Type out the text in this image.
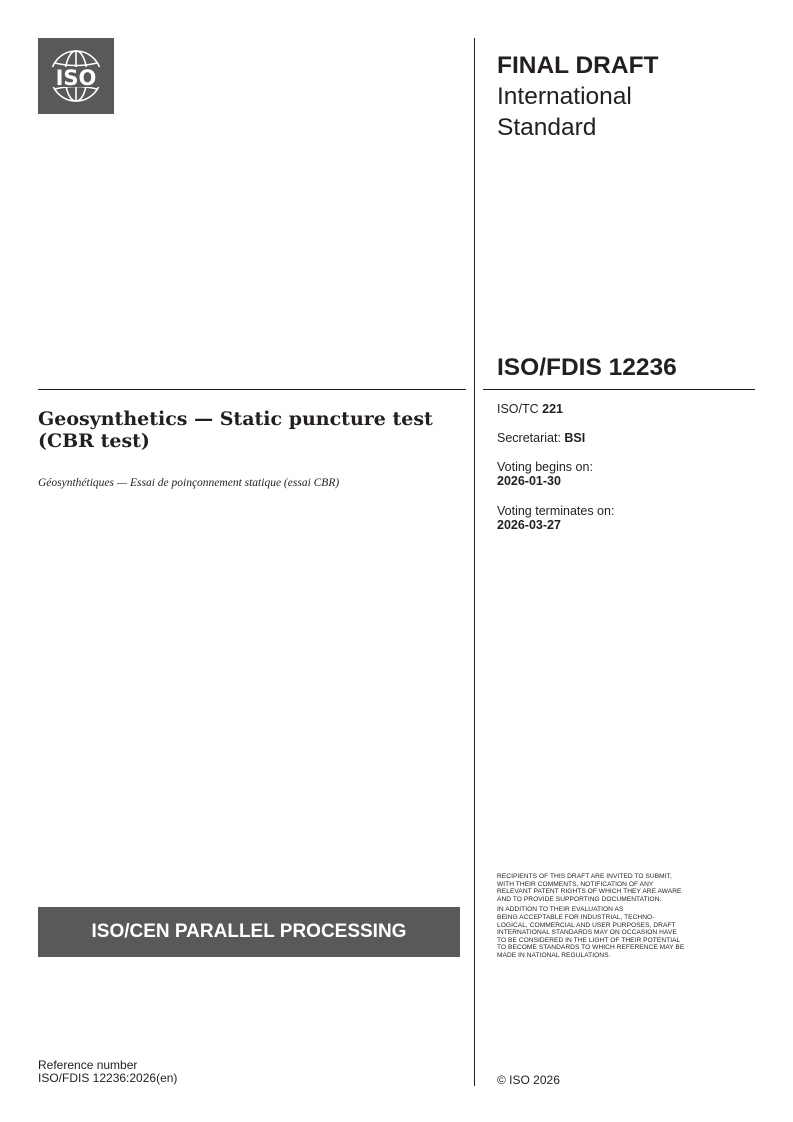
ISO	FINAL DRAFT
International
Standard
ISO/FDIS 12236
Geosynthetics — Static puncture test (CBR test)
Géosynthétiques — Essai de poinçonnement statique (essai CBR)
ISO/TC 221
Secretariat: BSI
Voting begins on:
2026-01-30
Voting terminates on:
2026-03-27

RECIPIENTS OF THIS DRAFT ARE INVITED TO SUBMIT,
WITH THEIR COMMENTS, NOTIFICATION OF ANY
RELEVANT PATENT RIGHTS OF WHICH THEY ARE AWARE
AND TO PROVIDE SUPPORTING DOCUMENTATION.

IN ADDITION TO THEIR EVALUATION AS
BEING ACCEPTABLE FOR INDUSTRIAL, TECHNO-
LOGICAL, COMMERCIAL AND USER PURPOSES, DRAFT
INTERNATIONAL STANDARDS MAY ON OCCASION HAVE
TO BE CONSIDERED IN THE LIGHT OF THEIR POTENTIAL
TO BECOME STANDARDS TO WHICH REFERENCE MAY BE
MADE IN NATIONAL REGULATIONS.

ISO/CEN PARALLEL PROCESSING
Reference number
ISO/FDIS 12236:2026(en)	© ISO 2026
